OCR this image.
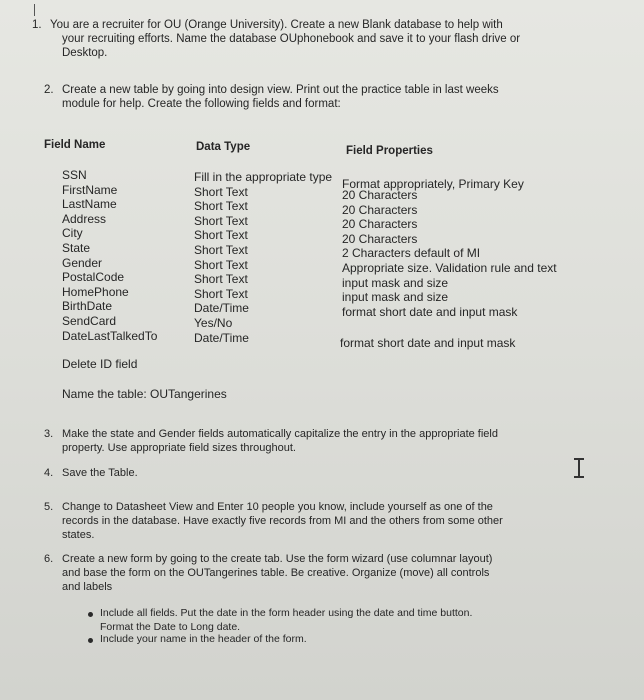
1. You are a recruiter for OU (Orange University). Create a new Blank database to help with
your recruiting efforts. Name the database OUphonebook and save it to your flash drive or
Desktop.
2. Create a new table by going into design view. Print out the practice table in last weeks
module for help. Create the following fields and format:
Field Name	Data Type	Field Properties
SSN
FirstName
LastName
Address
City
State
Gender
PostalCode
HomePhone
BirthDate
SendCard
DateLastTalkedTo
Fill in the appropriate type
Short Text
Short Text
Short Text
Short Text
Short Text
Short Text
Short Text
Short Text
Date/Time
Yes/No
Date/Time
Format appropriately, Primary Key
20 Characters
20 Characters
20 Characters
20 Characters
2 Characters default of MI
Appropriate size. Validation rule and text
input mask and size
input mask and size
format short date and input mask
format short date and input mask
Delete ID field
Name the table: OUTangerines
3. Make the state and Gender fields automatically capitalize the entry in the appropriate field
property. Use appropriate field sizes throughout.
4. Save the Table.
5. Change to Datasheet View and Enter 10 people you know, include yourself as one of the
records in the database. Have exactly five records from MI and the others from some other
states.
6. Create a new form by going to the create tab. Use the form wizard (use columnar layout)
and base the form on the OUTangerines table. Be creative. Organize (move) all controls
and labels
Include all fields. Put the date in the form header using the date and time button.
Format the Date to Long date.
Include your name in the header of the form.
